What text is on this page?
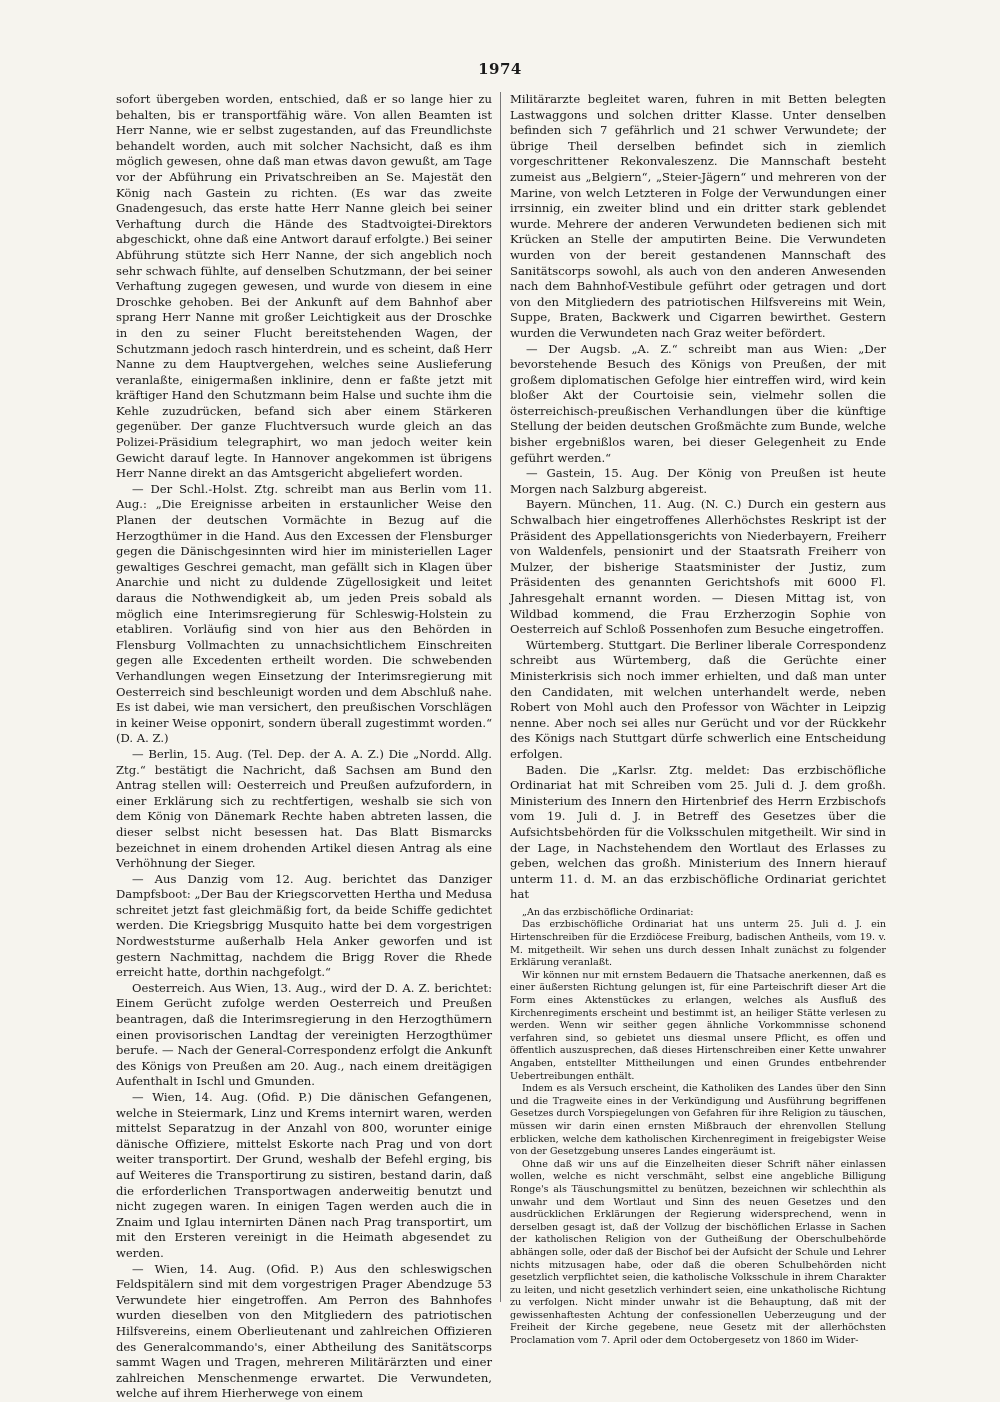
1974

sofort übergeben worden, entschied, daß er so lange hier zu behalten, bis er transportfähig wäre. Von allen Beamten ist Herr Nanne, wie er selbst zugestanden, auf das Freundlichste behandelt worden, auch mit solcher Nachsicht, daß es ihm möglich gewesen, ohne daß man etwas davon gewußt, am Tage vor der Abführung ein Privatschreiben an Se. Majestät den König nach Gastein zu richten. (Es war das zweite Gnadengesuch, das erste hatte Herr Nanne gleich bei seiner Verhaftung durch die Hände des Stadtvoigtei-Direktors abgeschickt, ohne daß eine Antwort darauf erfolgte.) Bei seiner Abführung stützte sich Herr Nanne, der sich angeblich noch sehr schwach fühlte, auf denselben Schutzmann, der bei seiner Verhaftung zugegen gewesen, und wurde von diesem in eine Droschke gehoben. Bei der Ankunft auf dem Bahnhof aber sprang Herr Nanne mit großer Leichtigkeit aus der Droschke in den zu seiner Flucht bereitstehenden Wagen, der Schutzmann jedoch rasch hinterdrein, und es scheint, daß Herr Nanne zu dem Hauptvergehen, welches seine Auslieferung veranlaßte, einigermaßen inklinire, denn er faßte jetzt mit kräftiger Hand den Schutzmann beim Halse und suchte ihm die Kehle zuzudrücken, befand sich aber einem Stärkeren gegenüber. Der ganze Fluchtversuch wurde gleich an das Polizei-Präsidium telegraphirt, wo man jedoch weiter kein Gewicht darauf legte. In Hannover angekommen ist übrigens Herr Nanne direkt an das Amtsgericht abgeliefert worden.

— Der Schl.-Holst. Ztg. schreibt man aus Berlin vom 11. Aug.: „Die Ereignisse arbeiten in erstaunlicher Weise den Planen der deutschen Vormächte in Bezug auf die Herzogthümer in die Hand. Aus den Excessen der Flensburger gegen die Dänischgesinnten wird hier im ministeriellen Lager gewaltiges Geschrei gemacht, man gefällt sich in Klagen über Anarchie und nicht zu duldende Zügellosigkeit und leitet daraus die Nothwendigkeit ab, um jeden Preis sobald als möglich eine Interimsregierung für Schleswig-Holstein zu etabliren. Vorläufig sind von hier aus den Behörden in Flensburg Vollmachten zu unnachsichtlichem Einschreiten gegen alle Excedenten ertheilt worden. Die schwebenden Verhandlungen wegen Einsetzung der Interimsregierung mit Oesterreich sind beschleunigt worden und dem Abschluß nahe. Es ist dabei, wie man versichert, den preußischen Vorschlägen in keiner Weise opponirt, sondern überall zugestimmt worden.“ (D. A. Z.)

— Berlin, 15. Aug. (Tel. Dep. der A. A. Z.) Die „Nordd. Allg. Ztg.“ bestätigt die Nachricht, daß Sachsen am Bund den Antrag stellen will: Oesterreich und Preußen aufzufordern, in einer Erklärung sich zu rechtfertigen, weshalb sie sich von dem König von Dänemark Rechte haben abtreten lassen, die dieser selbst nicht besessen hat. Das Blatt Bismarcks bezeichnet in einem drohenden Artikel diesen Antrag als eine Verhöhnung der Sieger.

— Aus Danzig vom 12. Aug. berichtet das Danziger Dampfsboot: „Der Bau der Kriegscorvetten Hertha und Medusa schreitet jetzt fast gleichmäßig fort, da beide Schiffe gedichtet werden. Die Kriegsbrigg Musquito hatte bei dem vorgestrigen Nordweststurme außerhalb Hela Anker geworfen und ist gestern Nachmittag, nachdem die Brigg Rover die Rhede erreicht hatte, dorthin nachgefolgt.“

Oesterreich. Aus Wien, 13. Aug., wird der D. A. Z. berichtet: Einem Gerücht zufolge werden Oesterreich und Preußen beantragen, daß die Interimsregierung in den Herzogthümern einen provisorischen Landtag der vereinigten Herzogthümer berufe. — Nach der General-Correspondenz erfolgt die Ankunft des Königs von Preußen am 20. Aug., nach einem dreitägigen Aufenthalt in Ischl und Gmunden.

— Wien, 14. Aug. (Ofid. P.) Die dänischen Gefangenen, welche in Steiermark, Linz und Krems internirt waren, werden mittelst Separatzug in der Anzahl von 800, worunter einige dänische Offiziere, mittelst Eskorte nach Prag und von dort weiter transportirt. Der Grund, weshalb der Befehl erging, bis auf Weiteres die Transportirung zu sistiren, bestand darin, daß die erforderlichen Transportwagen anderweitig benutzt und nicht zugegen waren. In einigen Tagen werden auch die in Znaim und Iglau internirten Dänen nach Prag transportirt, um mit den Ersteren vereinigt in die Heimath abgesendet zu werden.

— Wien, 14. Aug. (Ofid. P.) Aus den schleswigschen Feldspitälern sind mit dem vorgestrigen Prager Abendzuge 53 Verwundete hier eingetroffen. Am Perron des Bahnhofes wurden dieselben von den Mitgliedern des patriotischen Hilfsvereins, einem Oberlieutenant und zahlreichen Offizieren des Generalcommando's, einer Abtheilung des Sanitätscorps sammt Wagen und Tragen, mehreren Militärärzten und einer zahlreichen Menschenmenge erwartet. Die Verwundeten, welche auf ihrem Hierherwege von einem

Militärarzte begleitet waren, fuhren in mit Betten belegten Lastwaggons und solchen dritter Klasse. Unter denselben befinden sich 7 gefährlich und 21 schwer Verwundete; der übrige Theil derselben befindet sich in ziemlich vorgeschrittener Rekonvaleszenz. Die Mannschaft besteht zumeist aus „Belgiern“, „Steier-Jägern“ und mehreren von der Marine, von welch Letzteren in Folge der Verwundungen einer irrsinnig, ein zweiter blind und ein dritter stark geblendet wurde. Mehrere der anderen Verwundeten bedienen sich mit Krücken an Stelle der amputirten Beine. Die Verwundeten wurden von der bereit gestandenen Mannschaft des Sanitätscorps sowohl, als auch von den anderen Anwesenden nach dem Bahnhof-Vestibule geführt oder getragen und dort von den Mitgliedern des patriotischen Hilfsvereins mit Wein, Suppe, Braten, Backwerk und Cigarren bewirthet. Gestern wurden die Verwundeten nach Graz weiter befördert.

— Der Augsb. „A. Z.“ schreibt man aus Wien: „Der bevorstehende Besuch des Königs von Preußen, der mit großem diplomatischen Gefolge hier eintreffen wird, wird kein bloßer Akt der Courtoisie sein, vielmehr sollen die österreichisch-preußischen Verhandlungen über die künftige Stellung der beiden deutschen Großmächte zum Bunde, welche bisher ergebnißlos waren, bei dieser Gelegenheit zu Ende geführt werden.“

— Gastein, 15. Aug. Der König von Preußen ist heute Morgen nach Salzburg abgereist.

Bayern. München, 11. Aug. (N. C.) Durch ein gestern aus Schwalbach hier eingetroffenes Allerhöchstes Reskript ist der Präsident des Appellationsgerichts von Niederbayern, Freiherr von Waldenfels, pensionirt und der Staatsrath Freiherr von Mulzer, der bisherige Staatsminister der Justiz, zum Präsidenten des genannten Gerichtshofs mit 6000 Fl. Jahresgehalt ernannt worden. — Diesen Mittag ist, von Wildbad kommend, die Frau Erzherzogin Sophie von Oesterreich auf Schloß Possenhofen zum Besuche eingetroffen.

Würtemberg. Stuttgart. Die Berliner liberale Correspondenz schreibt aus Würtemberg, daß die Gerüchte einer Ministerkrisis sich noch immer erhielten, und daß man unter den Candidaten, mit welchen unterhandelt werde, neben Robert von Mohl auch den Professor von Wächter in Leipzig nenne. Aber noch sei alles nur Gerücht und vor der Rückkehr des Königs nach Stuttgart dürfe schwerlich eine Entscheidung erfolgen.

Baden. Die „Karlsr. Ztg. meldet: Das erzbischöfliche Ordinariat hat mit Schreiben vom 25. Juli d. J. dem großh. Ministerium des Innern den Hirtenbrief des Herrn Erzbischofs vom 19. Juli d. J. in Betreff des Gesetzes über die Aufsichtsbehörden für die Volksschulen mitgetheilt. Wir sind in der Lage, in Nachstehendem den Wortlaut des Erlasses zu geben, welchen das großh. Ministerium des Innern hierauf unterm 11. d. M. an das erzbischöfliche Ordinariat gerichtet hat

„An das erzbischöfliche Ordinariat:

Das erzbischöfliche Ordinariat hat uns unterm 25. Juli d. J. ein Hirtenschreiben für die Erzdiöcese Freiburg, badischen Antheils, vom 19. v. M. mitgetheilt. Wir sehen uns durch dessen Inhalt zunächst zu folgender Erklärung veranlaßt.

Wir können nur mit ernstem Bedauern die Thatsache anerkennen, daß es einer äußersten Richtung gelungen ist, für eine Parteischrift dieser Art die Form eines Aktenstückes zu erlangen, welches als Ausfluß des Kirchenregiments erscheint und bestimmt ist, an heiliger Stätte verlesen zu werden. Wenn wir seither gegen ähnliche Vorkommnisse schonend verfahren sind, so gebietet uns diesmal unsere Pflicht, es offen und öffentlich auszusprechen, daß dieses Hirtenschreiben einer Kette unwahrer Angaben, entstellter Mittheilungen und einen Grundes entbehrender Uebertreibungen enthält.

Indem es als Versuch erscheint, die Katholiken des Landes über den Sinn und die Tragweite eines in der Verkündigung und Ausführung begriffenen Gesetzes durch Vorspiegelungen von Gefahren für ihre Religion zu täuschen, müssen wir darin einen ernsten Mißbrauch der ehrenvollen Stellung erblicken, welche dem katholischen Kirchenregiment in freigebigster Weise von der Gesetzgebung unseres Landes eingeräumt ist.

Ohne daß wir uns auf die Einzelheiten dieser Schrift näher einlassen wollen, welche es nicht verschmäht, selbst eine angebliche Billigung Ronge's als Täuschungsmittel zu benützen, bezeichnen wir schlechthin als unwahr und dem Wortlaut und Sinn des neuen Gesetzes und den ausdrücklichen Erklärungen der Regierung widersprechend, wenn in derselben gesagt ist, daß der Vollzug der bischöflichen Erlasse in Sachen der katholischen Religion von der Gutheißung der Oberschulbehörde abhängen solle, oder daß der Bischof bei der Aufsicht der Schule und Lehrer nichts mitzusagen habe, oder daß die oberen Schulbehörden nicht gesetzlich verpflichtet seien, die katholische Volksschule in ihrem Charakter zu leiten, und nicht gesetzlich verhindert seien, eine unkatholische Richtung zu verfolgen. Nicht minder unwahr ist die Behauptung, daß mit der gewissenhaftesten Achtung der confessionellen Ueberzeugung und der Freiheit der Kirche gegebene, neue Gesetz mit der allerhöchsten Proclamation vom 7. April oder dem Octobergesetz von 1860 im Wider-
